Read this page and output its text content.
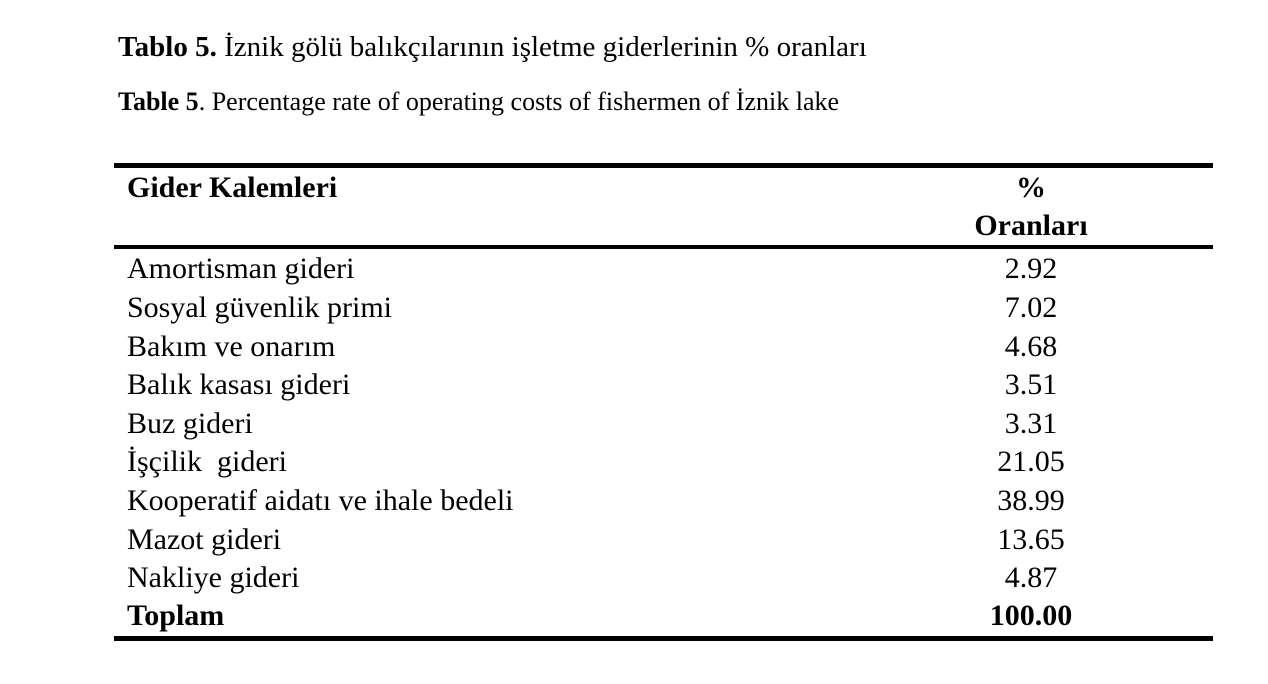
Tablo 5. İznik gölü balıkçılarının işletme giderlerinin % oranları
Table 5. Percentage rate of operating costs of fishermen of İznik lake
Gider Kalemleri	%
Oranları
Amortisman gideri	2.92
Sosyal güvenlik primi	7.02
Bakım ve onarım	4.68
Balık kasası gideri	3.51
Buz gideri	3.31
İşçilik  gideri	21.05
Kooperatif aidatı ve ihale bedeli	38.99
Mazot gideri	13.65
Nakliye gideri	4.87
Toplam	100.00
